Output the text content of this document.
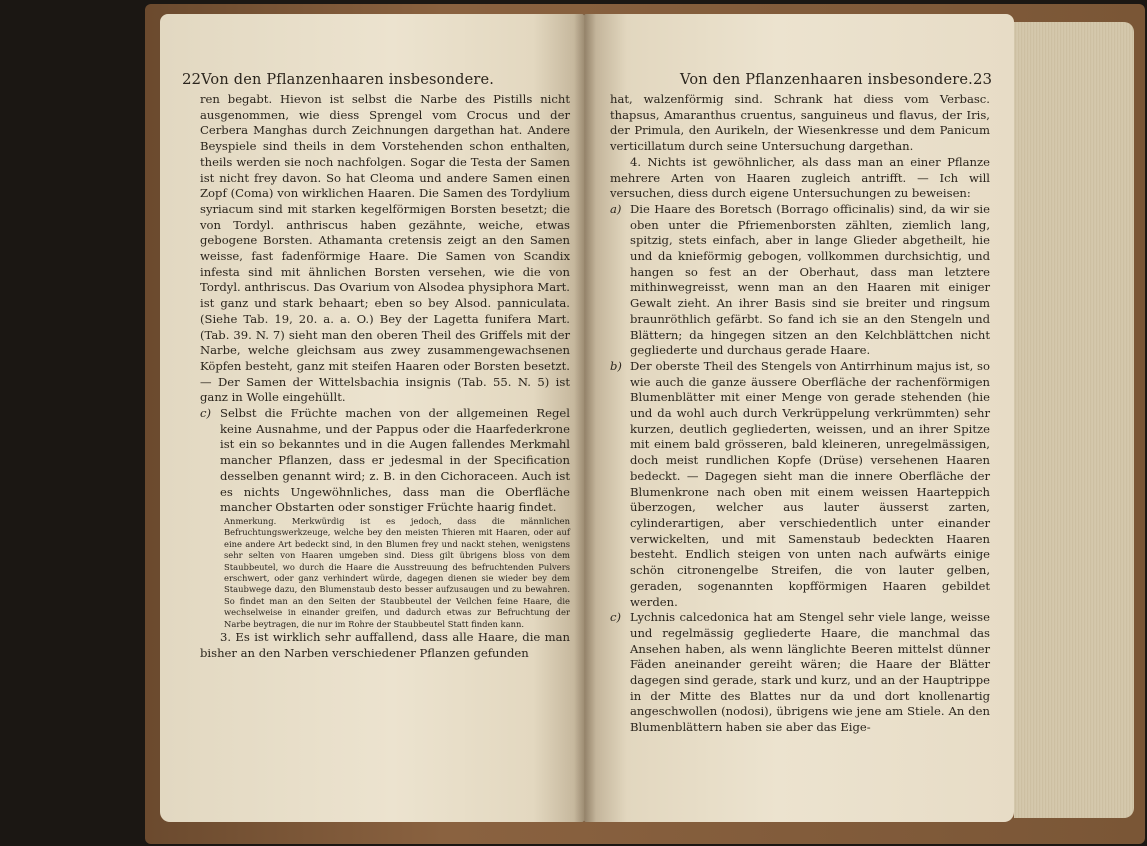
22 Von den Pflanzenhaaren insbesondere.

ren begabt. Hievon ist selbst die Narbe des Pistills nicht ausgenommen, wie diess Sprengel vom Crocus und der Cerbera Manghas durch Zeichnungen dargethan hat. Andere Beyspiele sind theils in dem Vorstehenden schon enthalten, theils werden sie noch nachfolgen. Sogar die Testa der Samen ist nicht frey davon. So hat Cleoma und andere Samen einen Zopf (Coma) von wirklichen Haaren. Die Samen des Tordylium syriacum sind mit starken kegelförmigen Borsten besetzt; die von Tordyl. anthriscus haben gezähnte, weiche, etwas gebogene Borsten. Athamanta cretensis zeigt an den Samen weisse, fast fadenförmige Haare. Die Samen von Scandix infesta sind mit ähnlichen Borsten versehen, wie die von Tordyl. anthriscus. Das Ovarium von Alsodea physiphora Mart. ist ganz und stark behaart; eben so bey Alsod. panniculata. (Siehe Tab. 19, 20. a. a. O.) Bey der Lagetta funifera Mart. (Tab. 39. N. 7) sieht man den oberen Theil des Griffels mit der Narbe, welche gleichsam aus zwey zusammengewachsenen Köpfen besteht, ganz mit steifen Haaren oder Borsten besetzt. — Der Samen der Wittelsbachia insignis (Tab. 55. N. 5) ist ganz in Wolle eingehüllt.

c) Selbst die Früchte machen von der allgemeinen Regel keine Ausnahme, und der Pappus oder die Haarfederkrone ist ein so bekanntes und in die Augen fallendes Merkmahl mancher Pflanzen, dass er jedesmal in der Specification desselben genannt wird; z. B. in den Cichoraceen. Auch ist es nichts Ungewöhnliches, dass man die Oberfläche mancher Obstarten oder sonstiger Früchte haarig findet.

Anmerkung. Merkwürdig ist es jedoch, dass die männlichen Befruchtungswerkzeuge, welche bey den meisten Thieren mit Haaren, oder auf eine andere Art bedeckt sind, in den Blumen frey und nackt stehen, wenigstens sehr selten von Haaren umgeben sind. Diess gilt übrigens bloss von dem Staubbeutel, wo durch die Haare die Ausstreuung des befruchtenden Pulvers erschwert, oder ganz verhindert würde, dagegen dienen sie wieder bey dem Staubwege dazu, den Blumenstaub desto besser aufzusaugen und zu bewahren. So findet man an den Seiten der Staubbeutel der Veilchen feine Haare, die wechselweise in einander greifen, und dadurch etwas zur Befruchtung der Narbe beytragen, die nur im Rohre der Staubbeutel Statt finden kann.

3. Es ist wirklich sehr auffallend, dass alle Haare, die man bisher an den Narben verschiedener Pflanzen gefunden

Von den Pflanzenhaaren insbesondere. 23

hat, walzenförmig sind. Schrank hat diess vom Verbasc. thapsus, Amaranthus cruentus, sanguineus und flavus, der Iris, der Primula, den Aurikeln, der Wiesenkresse und dem Panicum verticillatum durch seine Untersuchung dargethan.

4. Nichts ist gewöhnlicher, als dass man an einer Pflanze mehrere Arten von Haaren zugleich antrifft. — Ich will versuchen, diess durch eigene Untersuchungen zu beweisen:

a) Die Haare des Boretsch (Borrago officinalis) sind, da wir sie oben unter die Pfriemenborsten zählten, ziemlich lang, spitzig, stets einfach, aber in lange Glieder abgetheilt, hie und da knieförmig gebogen, vollkommen durchsichtig, und hangen so fest an der Oberhaut, dass man letztere mithinwegreisst, wenn man an den Haaren mit einiger Gewalt zieht. An ihrer Basis sind sie breiter und ringsum braunröthlich gefärbt. So fand ich sie an den Stengeln und Blättern; da hingegen sitzen an den Kelchblättchen nicht gegliederte und durchaus gerade Haare.

b) Der oberste Theil des Stengels von Antirrhinum majus ist, so wie auch die ganze äussere Oberfläche der rachenförmigen Blumenblätter mit einer Menge von gerade stehenden (hie und da wohl auch durch Verkrüppelung verkrümmten) sehr kurzen, deutlich gegliederten, weissen, und an ihrer Spitze mit einem bald grösseren, bald kleineren, unregelmässigen, doch meist rundlichen Kopfe (Drüse) versehenen Haaren bedeckt. — Dagegen sieht man die innere Oberfläche der Blumenkrone nach oben mit einem weissen Haarteppich überzogen, welcher aus lauter äusserst zarten, cylinderartigen, aber verschiedentlich unter einander verwickelten, und mit Samenstaub bedeckten Haaren besteht. Endlich steigen von unten nach aufwärts einige schön citronengelbe Streifen, die von lauter gelben, geraden, sogenannten kopfförmigen Haaren gebildet werden.

c) Lychnis calcedonica hat am Stengel sehr viele lange, weisse und regelmässig gegliederte Haare, die manchmal das Ansehen haben, als wenn länglichte Beeren mittelst dünner Fäden aneinander gereiht wären; die Haare der Blätter dagegen sind gerade, stark und kurz, und an der Hauptrippe in der Mitte des Blattes nur da und dort knollenartig angeschwollen (nodosi), übrigens wie jene am Stiele. An den Blumenblättern haben sie aber das Eige-
